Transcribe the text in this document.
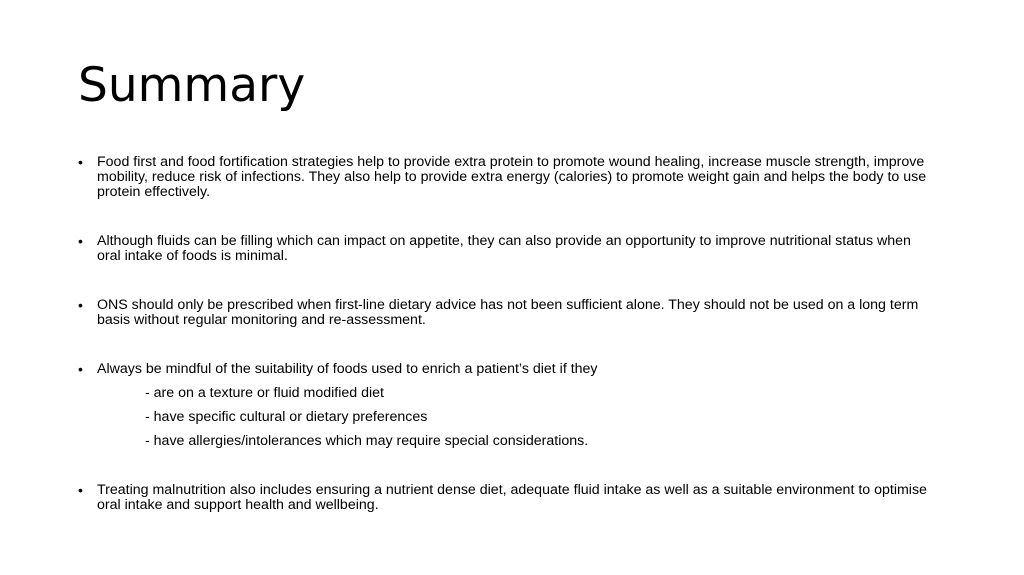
Summary
• Food first and food fortification strategies help to provide extra protein to promote wound healing, increase muscle strength, improve mobility, reduce risk of infections. They also help to provide extra energy (calories) to promote weight gain and helps the body to use protein effectively.
• Although fluids can be filling which can impact on appetite, they can also provide an opportunity to improve nutritional status when oral intake of foods is minimal.
• ONS should only be prescribed when first-line dietary advice has not been sufficient alone. They should not be used on a long term basis without regular monitoring and re-assessment.
• Always be mindful of the suitability of foods used to enrich a patient’s diet if they
- are on a texture or fluid modified diet
- have specific cultural or dietary preferences
- have allergies/intolerances which may require special considerations.
• Treating malnutrition also includes ensuring a nutrient dense diet, adequate fluid intake as well as a suitable environment to optimise oral intake and support health and wellbeing.
